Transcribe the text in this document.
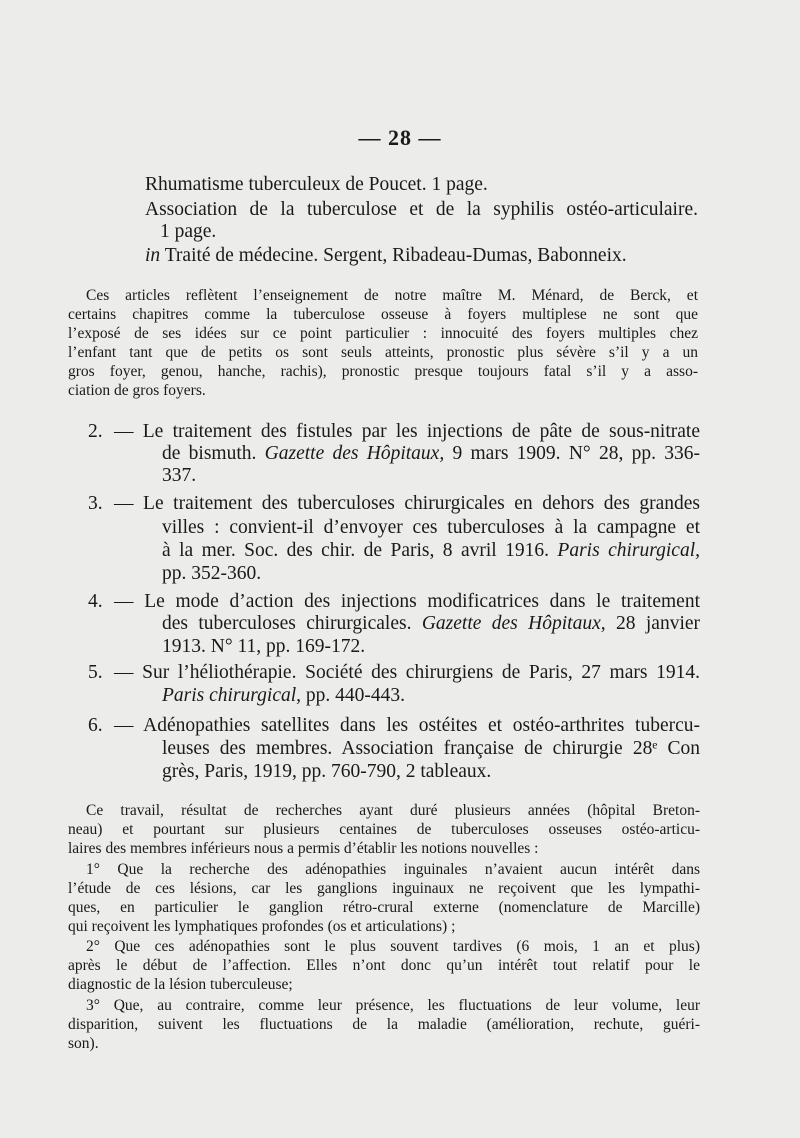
— 28 —
Rhumatisme tuberculeux de Poucet. 1 page.
Association de la tuberculose et de la syphilis ostéo-articulaire.
1 page.
in Traité de médecine. Sergent, Ribadeau-Dumas, Babonneix.
Ces articles reflètent l’enseignement de notre maître M. Ménard, de Berck, et
certains chapitres comme la tuberculose osseuse à foyers multiplese ne sont que
l’exposé de ses idées sur ce point particulier : innocuité des foyers multiples chez
l’enfant tant que de petits os sont seuls atteints, pronostic plus sévère s’il y a un
gros foyer, genou, hanche, rachis), pronostic presque toujours fatal s’il y a asso-
ciation de gros foyers.
2. — Le traitement des fistules par les injections de pâte de sous-nitrate
de bismuth. Gazette des Hôpitaux, 9 mars 1909. N° 28, pp. 336-
337.
3. — Le traitement des tuberculoses chirurgicales en dehors des grandes
villes : convient-il d’envoyer ces tuberculoses à la campagne et
à la mer. Soc. des chir. de Paris, 8 avril 1916. Paris chirurgical,
pp. 352-360.
4. — Le mode d’action des injections modificatrices dans le traitement
des tuberculoses chirurgicales. Gazette des Hôpitaux, 28 janvier
1913. N° 11, pp. 169-172.
5. — Sur l’héliothérapie. Société des chirurgiens de Paris, 27 mars 1914.
Paris chirurgical, pp. 440-443.
6. — Adénopathies satellites dans les ostéites et ostéo-arthrites tubercu-
leuses des membres. Association française de chirurgie 28ᵉ Con
grès, Paris, 1919, pp. 760-790, 2 tableaux.
Ce travail, résultat de recherches ayant duré plusieurs années (hôpital Breton-
neau) et pourtant sur plusieurs centaines de tuberculoses osseuses ostéo-articu-
laires des membres inférieurs nous a permis d’établir les notions nouvelles :
1° Que la recherche des adénopathies inguinales n’avaient aucun intérêt dans
l’étude de ces lésions, car les ganglions inguinaux ne reçoivent que les lympathi-
ques, en particulier le ganglion rétro-crural externe (nomenclature de Marcille)
qui reçoivent les lymphatiques profondes (os et articulations) ;
2° Que ces adénopathies sont le plus souvent tardives (6 mois, 1 an et plus)
après le début de l’affection. Elles n’ont donc qu’un intérêt tout relatif pour le
diagnostic de la lésion tuberculeuse;
3° Que, au contraire, comme leur présence, les fluctuations de leur volume, leur
disparition, suivent les fluctuations de la maladie (amélioration, rechute, guéri-
son).
